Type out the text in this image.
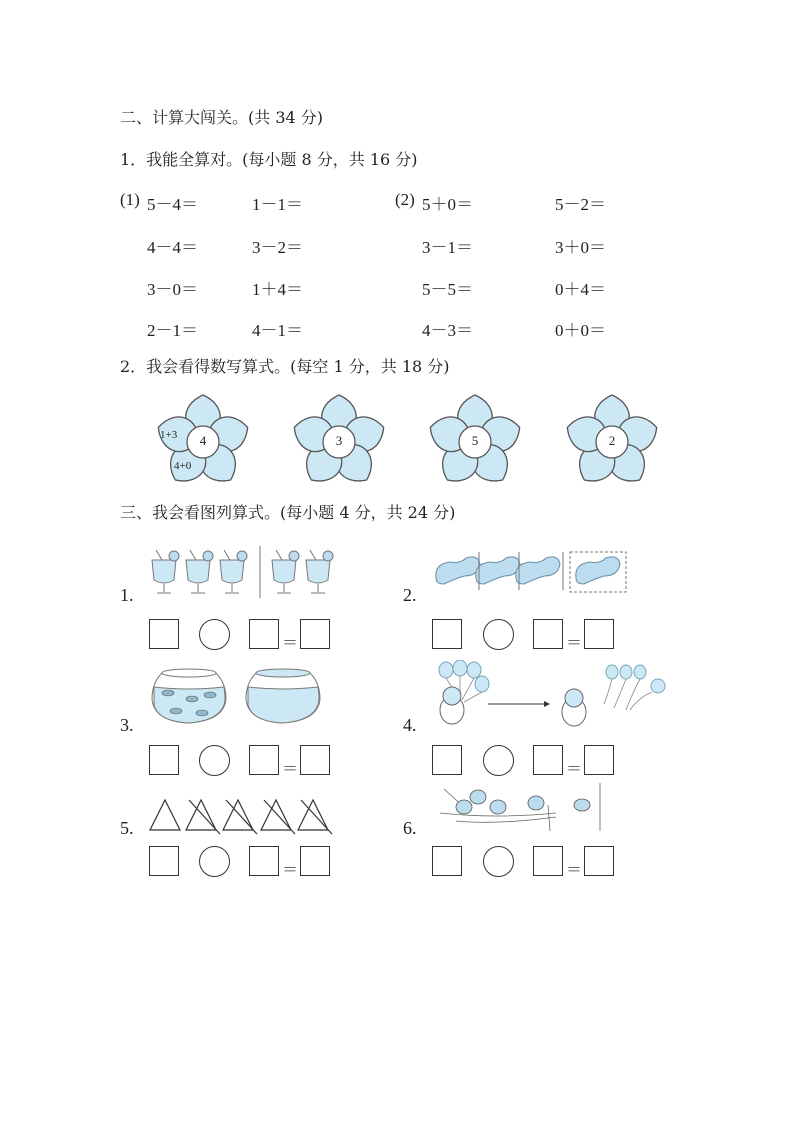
二、计算大闯关。(共 34 分)
1．我能全算对。(每小题 8 分，共 16 分)
(1)	(2)
5－4＝	1－1＝
4－4＝	3－2＝
3－0＝	1＋4＝
2－1＝	4－1＝
5＋0＝	5－2＝
3－1＝	3＋0＝
5－5＝	0＋4＝
4－3＝	0＋0＝
2．我会看得数写算式。(每空 1 分，共 18 分)
4
1+3
4+0
3	5	2
三、我会看图列算式。(每小题 4 分，共 24 分)
1.
＝
2.
＝
3.
＝
4.
＝
5.
＝
6.
＝
